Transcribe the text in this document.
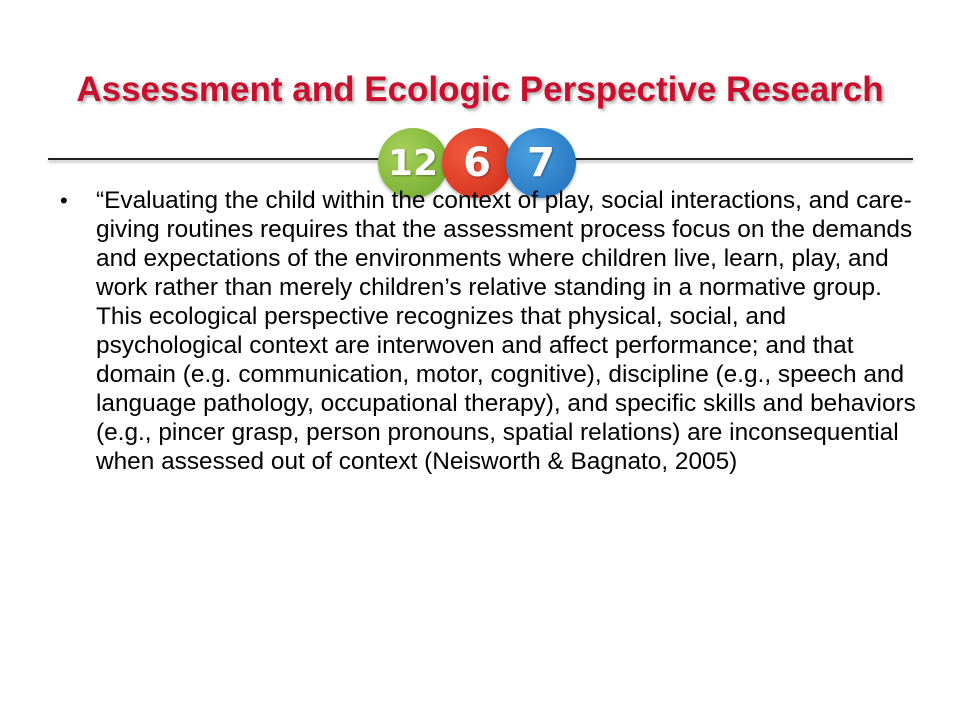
Assessment and Ecologic Perspective Research
12 6 7
•	“Evaluating the child within the context of play, social interactions, and care-giving routines requires that the assessment process focus on the demands and expectations of the environments where children live, learn, play, and work rather than merely children’s relative standing in a normative group. This ecological perspective recognizes that physical, social, and psychological context are interwoven and affect performance; and that domain (e.g. communication, motor, cognitive), discipline (e.g., speech and language pathology, occupational therapy), and specific skills and behaviors (e.g., pincer grasp, person pronouns, spatial relations) are inconsequential when assessed out of context (Neisworth & Bagnato, 2005)
